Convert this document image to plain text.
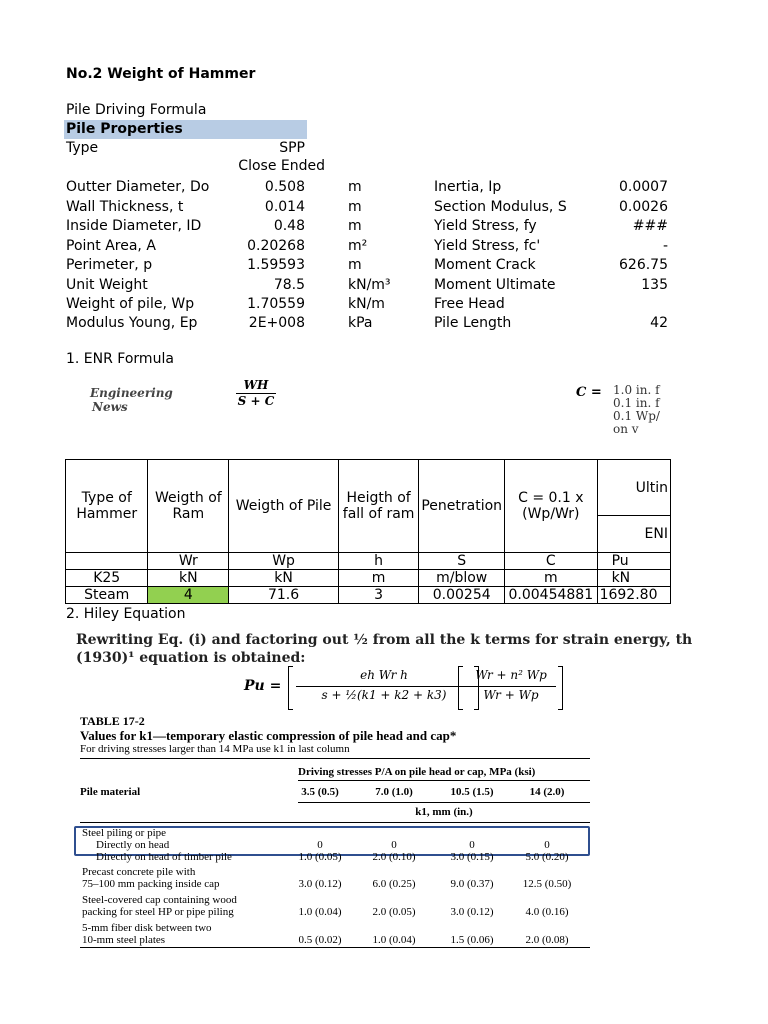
No.2 Weight of Hammer
Pile Driving Formula
Pile Properties
Type	SPP
Close Ended
Outter Diameter, Do	0.508	m
Wall Thickness, t	0.014	m
Inside Diameter, ID	0.48	m
Point Area, A	0.20268	m²
Perimeter, p	1.59593	m
Unit Weight	78.5	kN/m³
Weight of pile, Wp	1.70559	kN/m
Modulus Young, Ep	2E+008	kPa
Inertia, Ip	0.0007
Section Modulus, S	0.0026
Yield Stress, fy	###
Yield Stress, fc'	-
Moment Crack	626.75
Moment Ultimate	135
Free Head
Pile Length	42
1. ENR Formula
Engineering
News
WH
S + C
C = 1.0 in. f
0.1 in. f
0.1 Wp/
on v
Type of Hammer	Weigth of Ram	Weigth of Pile	Heigth of fall of ram	Penetration	C = 0.1 x (Wp/Wr)	Ultin
						ENI
	Wr	Wp	h	S	C	Pu
K25	kN	kN	m	m/blow	m	kN
Steam	4	71.6	3	0.00254	0.00454881	1692.80
2. Hiley Equation
Rewriting Eq. (i) and factoring out ½ from all the k terms for strain energy, th
(1930)¹ equation is obtained:
Pu =
eh Wr h
s + ½(k1 + k2 + k3)
Wr + n² Wp
Wr + Wp
TABLE 17-2
Values for k1—temporary elastic compression of pile head and cap*
For driving stresses larger than 14 MPa use k1 in last column
Driving stresses P/A on pile head or cap, MPa (ksi)
Pile material	3.5 (0.5)	7.0 (1.0)	10.5 (1.5)	14 (2.0)
k1, mm (in.)
Steel piling or pipe
Directly on head	0	0	0	0
Directly on head of timber pile	1.0 (0.05)	2.0 (0.10)	3.0 (0.15)	5.0 (0.20)
Precast concrete pile with
75–100 mm packing inside cap	3.0 (0.12)	6.0 (0.25)	9.0 (0.37)	12.5 (0.50)
Steel-covered cap containing wood
packing for steel HP or pipe piling	1.0 (0.04)	2.0 (0.05)	3.0 (0.12)	4.0 (0.16)
5-mm fiber disk between two
10-mm steel plates	0.5 (0.02)	1.0 (0.04)	1.5 (0.06)	2.0 (0.08)
